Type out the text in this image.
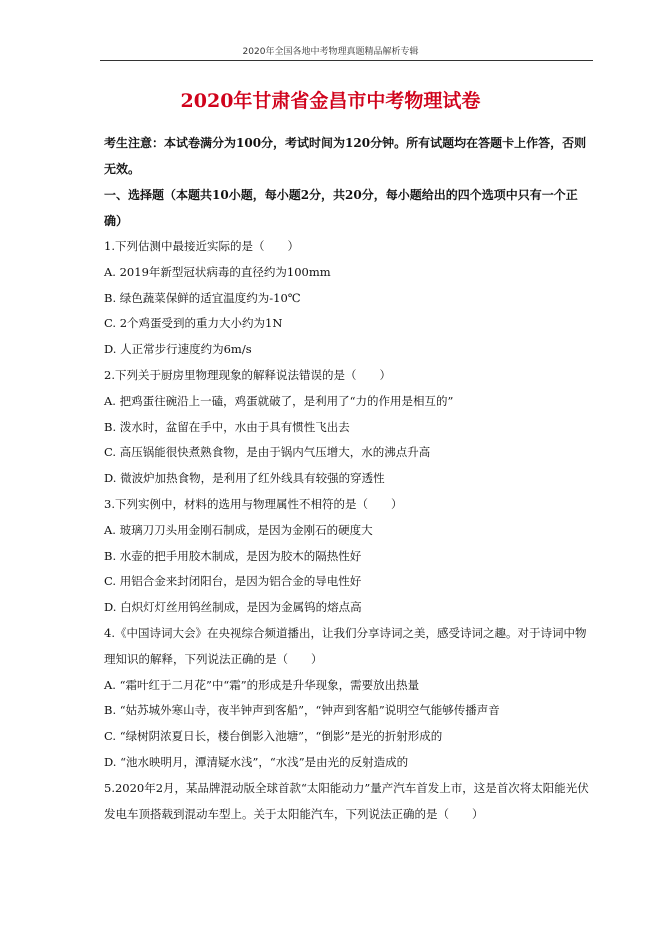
2020年全国各地中考物理真题精品解析专辑
2020年甘肃省金昌市中考物理试卷
考生注意：本试卷满分为100分，考试时间为120分钟。所有试题均在答题卡上作答，否则无效。
一、选择题（本题共10小题，每小题2分，共20分，每小题给出的四个选项中只有一个正确）
1.下列估测中最接近实际的是（　　）
A. 2019年新型冠状病毒的直径约为100mm
B. 绿色蔬菜保鲜的适宜温度约为-10℃
C. 2个鸡蛋受到的重力大小约为1N
D. 人正常步行速度约为6m/s
2.下列关于厨房里物理现象的解释说法错误的是（　　）
A. 把鸡蛋往碗沿上一磕，鸡蛋就破了，是利用了“力的作用是相互的”
B. 泼水时，盆留在手中，水由于具有惯性飞出去
C. 高压锅能很快煮熟食物，是由于锅内气压增大，水的沸点升高
D. 微波炉加热食物，是利用了红外线具有较强的穿透性
3.下列实例中，材料的选用与物理属性不相符的是（　　）
A. 玻璃刀刀头用金刚石制成，是因为金刚石的硬度大
B. 水壶的把手用胶木制成，是因为胶木的隔热性好
C. 用铝合金来封闭阳台，是因为铝合金的导电性好
D. 白炽灯灯丝用钨丝制成，是因为金属钨的熔点高
4.《中国诗词大会》在央视综合频道播出，让我们分享诗词之美，感受诗词之趣。对于诗词中物理知识的解释，下列说法正确的是（　　）
A. “霜叶红于二月花”中“霜”的形成是升华现象，需要放出热量
B. “姑苏城外寒山寺，夜半钟声到客船”，“钟声到客船”说明空气能够传播声音
C. “绿树阴浓夏日长，楼台倒影入池塘”，“倒影”是光的折射形成的
D. “池水映明月，潭清疑水浅”，“水浅”是由光的反射造成的
5.2020年2月，某品牌混动版全球首款“太阳能动力”量产汽车首发上市，这是首次将太阳能光伏发电车顶搭载到混动车型上。关于太阳能汽车，下列说法正确的是（　　）
